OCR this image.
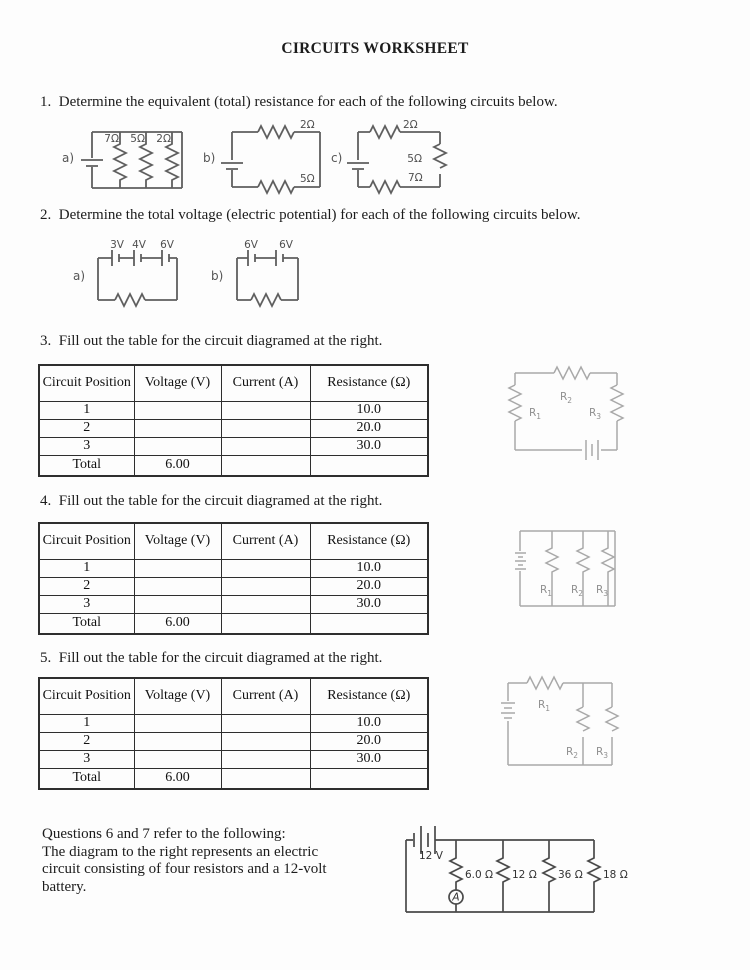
CIRCUITS WORKSHEET
1.  Determine the equivalent (total) resistance for each of the following circuits below.
a)
7Ω 5Ω 2Ω
b)
2Ω
5Ω
c)
2Ω
5Ω
7Ω
2.  Determine the total voltage (electric potential) for each of the following circuits below.
a)
3V 4V 6V
b)
6V 6V
3.  Fill out the table for the circuit diagramed at the right.
Circuit Position	Voltage (V)	Current (A)	Resistance (Ω)
1			10.0
2			20.0
3			30.0
Total	6.00		
$R_2$
$R_1$	$R_3$
4.  Fill out the table for the circuit diagramed at the right.
Circuit Position	Voltage (V)	Current (A)	Resistance (Ω)
1			10.0
2			20.0
3			30.0
Total	6.00		
$R_1$ $R_2$ $R_3$
5.  Fill out the table for the circuit diagramed at the right.
Circuit Position	Voltage (V)	Current (A)	Resistance (Ω)
1			10.0
2			20.0
3			30.0
Total	6.00		
$R_1$
$R_2$ $R_3$
Questions 6 and 7 refer to the following:
The diagram to the right represents an electric
circuit consisting of four resistors and a 12-volt
battery.
A
12 V
6.0 Ω 12 Ω 36 Ω 18 Ω
